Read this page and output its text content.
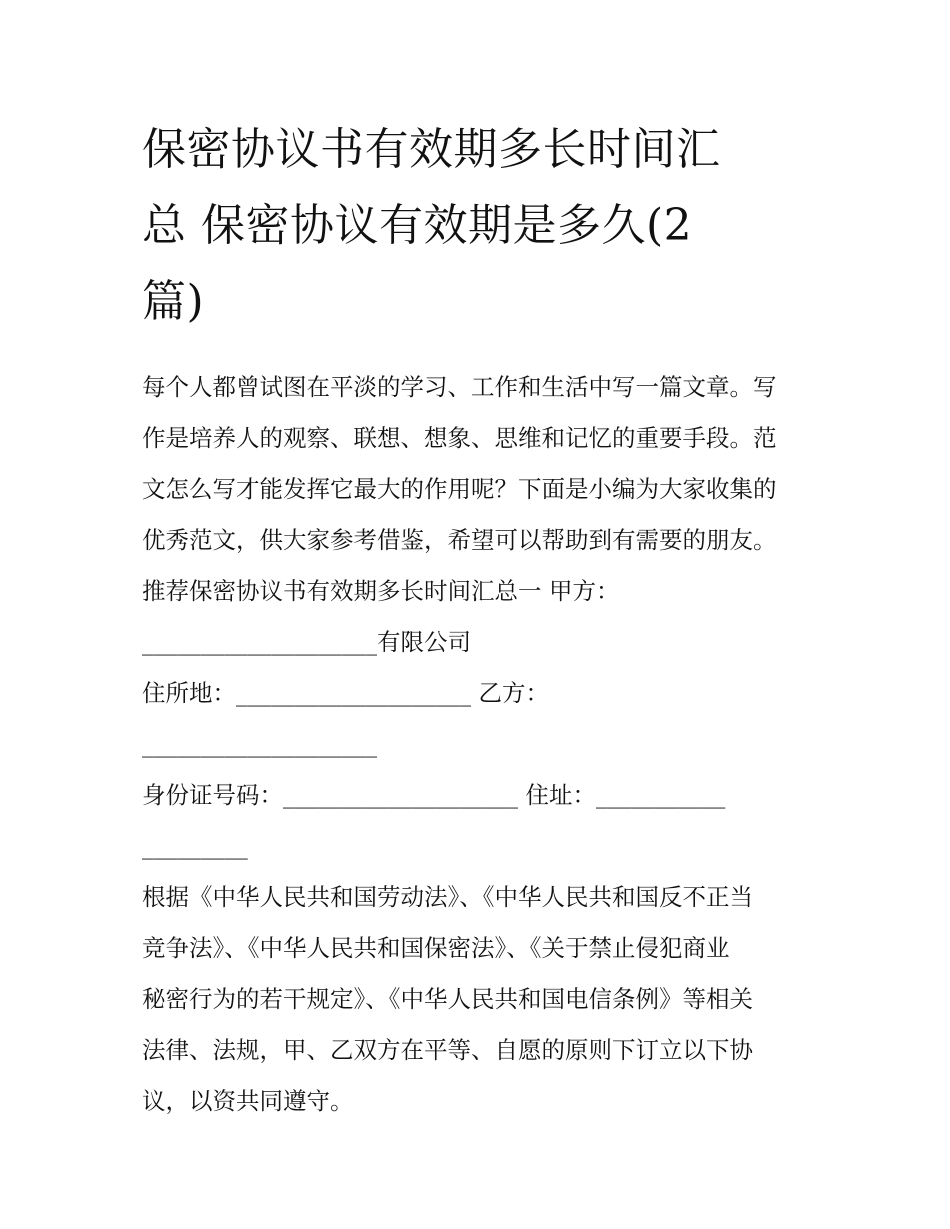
保密协议书有效期多长时间汇
总 保密协议有效期是多久(2
篇)

每个人都曾试图在平淡的学习、工作和生活中写一篇文章。写
作是培养人的观察、联想、想象、思维和记忆的重要手段。范
文怎么写才能发挥它最大的作用呢？下面是小编为大家收集的
优秀范文，供大家参考借鉴，希望可以帮助到有需要的朋友。

推荐保密协议书有效期多长时间汇总一 甲方：

____________________有限公司

住所地：____________________ 乙方：
____________________

身份证号码：____________________ 住址：___________
_________

根据《中华人民共和国劳动法》、《中华人民共和国反不正当
竞争法》、《中华人民共和国保密法》、《关于禁止侵犯商业
秘密行为的若干规定》、《中华人民共和国电信条例》等相关
法律、法规，甲、乙双方在平等、自愿的原则下订立以下协
议，以资共同遵守。
